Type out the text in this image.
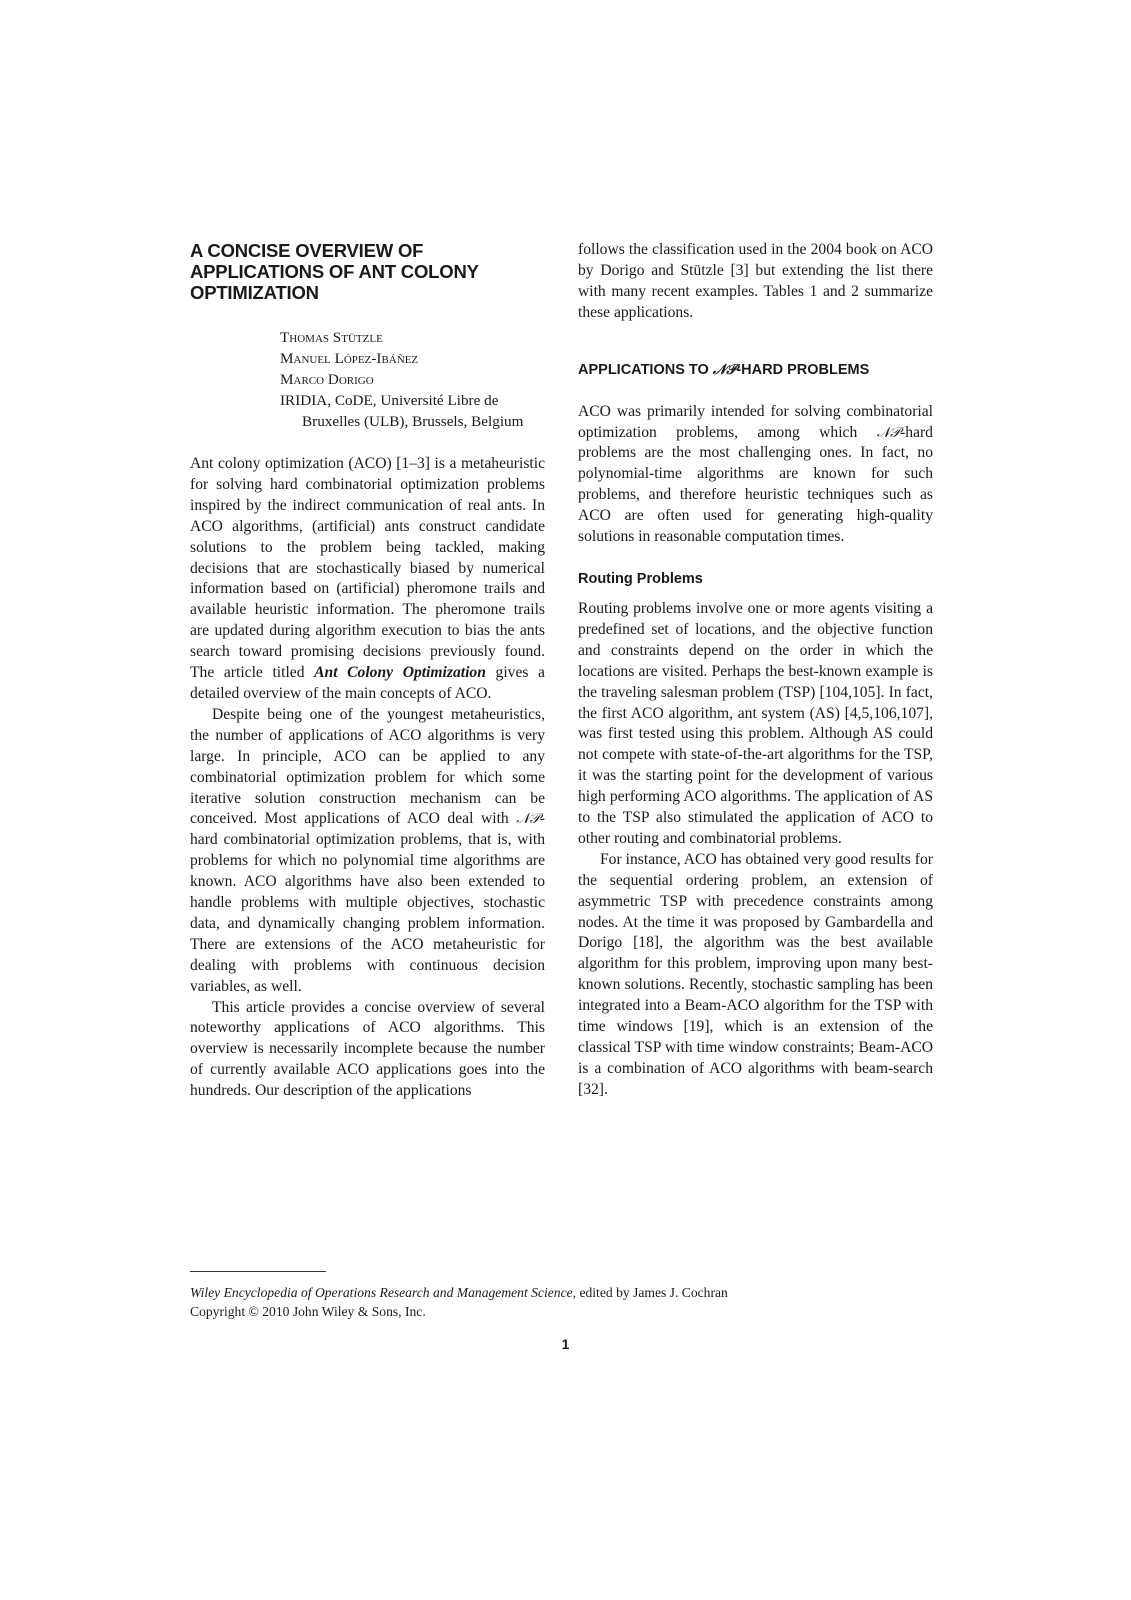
A CONCISE OVERVIEW OF APPLICATIONS OF ANT COLONY OPTIMIZATION
Thomas Stützle
Manuel López-Ibáñez
Marco Dorigo
IRIDIA, CoDE, Université Libre de Bruxelles (ULB), Brussels, Belgium

Ant colony optimization (ACO) [1–3] is a metaheuristic for solving hard combinatorial optimization problems inspired by the indirect communication of real ants. In ACO algorithms, (artificial) ants construct candidate solutions to the problem being tackled, making decisions that are stochastically biased by numerical information based on (artificial) pheromone trails and available heuristic information. The pheromone trails are updated during algorithm execution to bias the ants search toward promising decisions previously found. The article titled Ant Colony Optimization gives a detailed overview of the main concepts of ACO.

Despite being one of the youngest metaheuristics, the number of applications of ACO algorithms is very large. In principle, ACO can be applied to any combinatorial optimization problem for which some iterative solution construction mechanism can be conceived. Most applications of ACO deal with 𝒩𝒫-hard combinatorial optimization problems, that is, with problems for which no polynomial time algorithms are known. ACO algorithms have also been extended to handle problems with multiple objectives, stochastic data, and dynamically changing problem information. There are extensions of the ACO metaheuristic for dealing with problems with continuous decision variables, as well.

This article provides a concise overview of several noteworthy applications of ACO algorithms. This overview is necessarily incomplete because the number of currently available ACO applications goes into the hundreds. Our description of the applications

follows the classification used in the 2004 book on ACO by Dorigo and Stützle [3] but extending the list there with many recent examples. Tables 1 and 2 summarize these applications.

APPLICATIONS TO 𝒩𝒫-HARD PROBLEMS

ACO was primarily intended for solving combinatorial optimization problems, among which 𝒩𝒫-hard problems are the most challenging ones. In fact, no polynomial-time algorithms are known for such problems, and therefore heuristic techniques such as ACO are often used for generating high-quality solutions in reasonable computation times.

Routing Problems

Routing problems involve one or more agents visiting a predefined set of locations, and the objective function and constraints depend on the order in which the locations are visited. Perhaps the best-known example is the traveling salesman problem (TSP) [104,105]. In fact, the first ACO algorithm, ant system (AS) [4,5,106,107], was first tested using this problem. Although AS could not compete with state-of-the-art algorithms for the TSP, it was the starting point for the development of various high performing ACO algorithms. The application of AS to the TSP also stimulated the application of ACO to other routing and combinatorial problems.

For instance, ACO has obtained very good results for the sequential ordering problem, an extension of asymmetric TSP with precedence constraints among nodes. At the time it was proposed by Gambardella and Dorigo [18], the algorithm was the best available algorithm for this problem, improving upon many best-known solutions. Recently, stochastic sampling has been integrated into a Beam-ACO algorithm for the TSP with time windows [19], which is an extension of the classical TSP with time window constraints; Beam-ACO is a combination of ACO algorithms with beam-search [32].

Wiley Encyclopedia of Operations Research and Management Science, edited by James J. Cochran
Copyright © 2010 John Wiley & Sons, Inc.
1
